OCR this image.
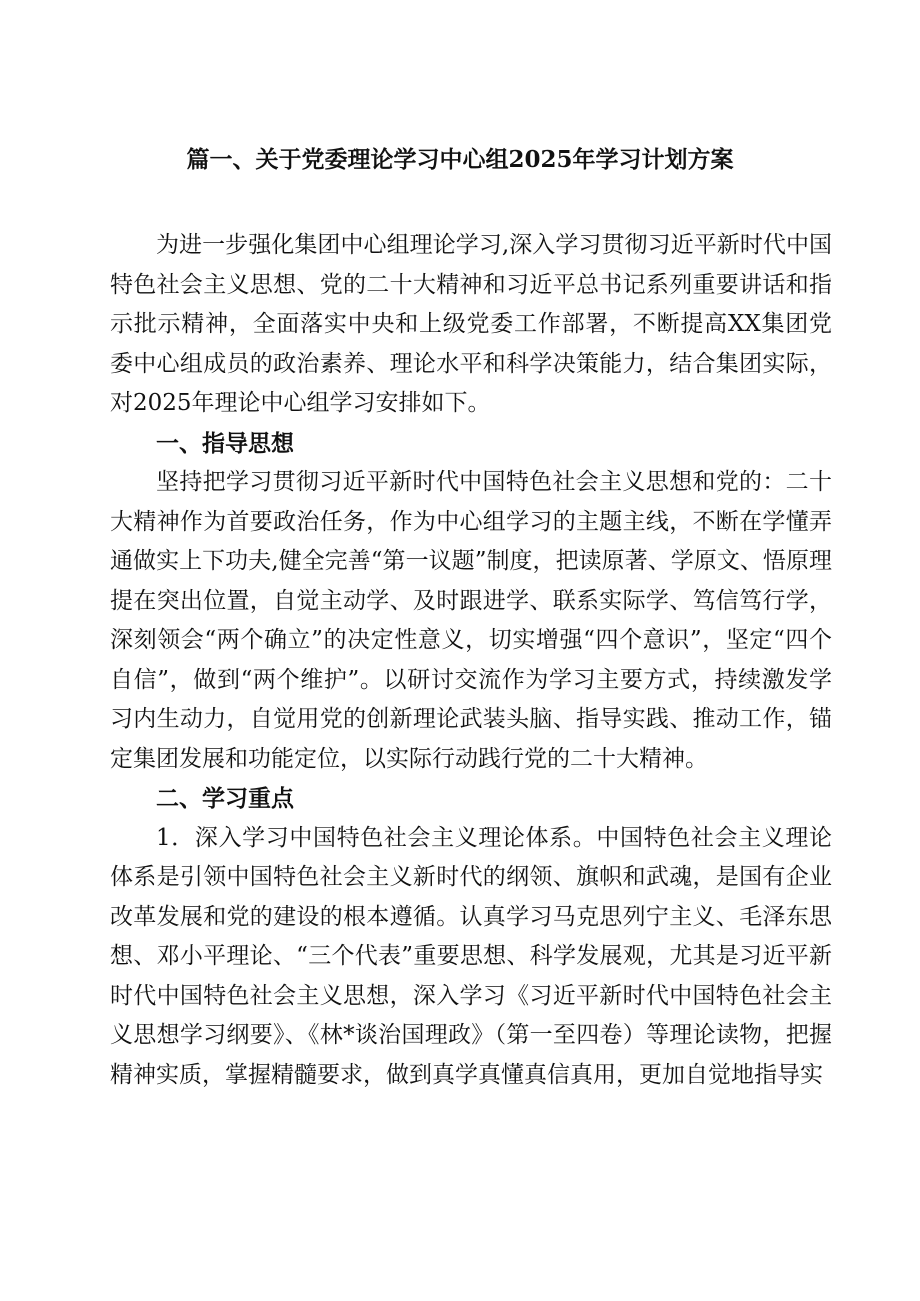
篇一、关于党委理论学习中心组2025年学习计划方案

为进一步强化集团中心组理论学习,深入学习贯彻习近平新时代中国特色社会主义思想、党的二十大精神和习近平总书记系列重要讲话和指示批示精神，全面落实中央和上级党委工作部署，不断提高XX集团党委中心组成员的政治素养、理论水平和科学决策能力，结合集团实际，对2025年理论中心组学习安排如下。

一、指导思想

坚持把学习贯彻习近平新时代中国特色社会主义思想和党的：二十大精神作为首要政治任务，作为中心组学习的主题主线，不断在学懂弄通做实上下功夫,健全完善“第一议题”制度，把读原著、学原文、悟原理提在突出位置，自觉主动学、及时跟进学、联系实际学、笃信笃行学，深刻领会“两个确立”的决定性意义，切实增强“四个意识”，坚定“四个自信”，做到“两个维护”。以研讨交流作为学习主要方式，持续激发学习内生动力，自觉用党的创新理论武装头脑、指导实践、推动工作，锚定集团发展和功能定位，以实际行动践行党的二十大精神。

二、学习重点

1．深入学习中国特色社会主义理论体系。中国特色社会主义理论体系是引领中国特色社会主义新时代的纲领、旗帜和武魂，是国有企业改革发展和党的建设的根本遵循。认真学习马克思列宁主义、毛泽东思想、邓小平理论、“三个代表”重要思想、科学发展观，尤其是习近平新时代中国特色社会主义思想，深入学习《习近平新时代中国特色社会主义思想学习纲要》、《林*谈治国理政》（第一至四卷）等理论读物，把握精神实质，掌握精髓要求，做到真学真懂真信真用，更加自觉地指导实
